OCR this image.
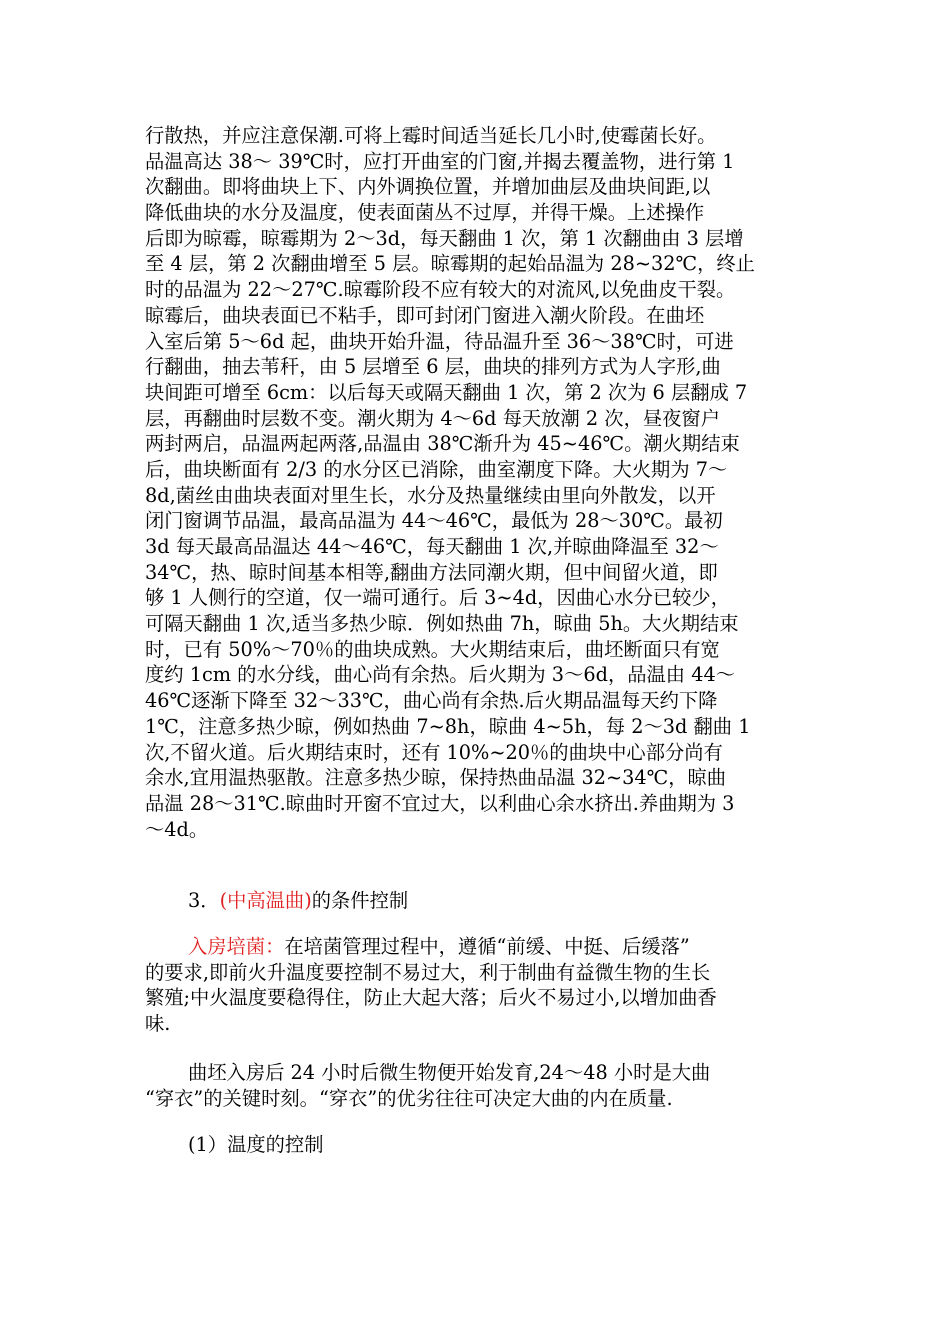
行散热，并应注意保潮.可将上霉时间适当延长几小时,使霉菌长好。
品温高达 38～ 39℃时，应打开曲室的门窗,并揭去覆盖物，进行第 1
次翻曲。即将曲块上下、内外调换位置，并增加曲层及曲块间距,以
降低曲块的水分及温度，使表面菌丛不过厚，并得干燥。上述操作
后即为晾霉，晾霉期为 2～3d，每天翻曲 1 次，第 1 次翻曲由 3 层增
至 4 层，第 2 次翻曲增至 5 层。晾霉期的起始品温为 28~32℃，终止
时的品温为 22～27℃.晾霉阶段不应有较大的对流风,以免曲皮干裂。
晾霉后，曲块表面已不粘手，即可封闭门窗进入潮火阶段。在曲坯
入室后第 5～6d 起，曲块开始升温，待品温升至 36～38℃时，可进
行翻曲，抽去苇秆，由 5 层增至 6 层，曲块的排列方式为人字形,曲
块间距可增至 6cm：以后每天或隔天翻曲 1 次，第 2 次为 6 层翻成 7
层，再翻曲时层数不变。潮火期为 4～6d 每天放潮 2 次，昼夜窗户
两封两启，品温两起两落,品温由 38℃渐升为 45~46℃。潮火期结束
后，曲块断面有 2/3 的水分区已消除，曲室潮度下降。大火期为 7～
8d,菌丝由曲块表面对里生长，水分及热量继续由里向外散发，以开
闭门窗调节品温，最高品温为 44～46℃，最低为 28～30℃。最初
3d 每天最高品温达 44～46℃，每天翻曲 1 次,并晾曲降温至 32～
34℃，热、晾时间基本相等,翻曲方法同潮火期，但中间留火道，即
够 1 人侧行的空道，仅一端可通行。后 3~4d，因曲心水分已较少，
可隔天翻曲 1 次,适当多热少晾．例如热曲 7h，晾曲 5h。大火期结束
时，已有 50%～70％的曲块成熟。大火期结束后，曲坯断面只有宽
度约 1cm 的水分线，曲心尚有余热。后火期为 3～6d，品温由 44～
46℃逐渐下降至 32～33℃，曲心尚有余热.后火期品温每天约下降
1℃，注意多热少晾，例如热曲 7~8h，晾曲 4~5h，每 2～3d 翻曲 1
次,不留火道。后火期结束时，还有 10%~20％的曲块中心部分尚有
余水,宜用温热驱散。注意多热少晾，保持热曲品温 32~34℃，晾曲
品温 28～31℃.晾曲时开窗不宜过大，以利曲心余水挤出.养曲期为 3
～4d。
3．(中高温曲)的条件控制
入房培菌：在培菌管理过程中，遵循“前缓、中挺、后缓落”
的要求,即前火升温度要控制不易过大，利于制曲有益微生物的生长
繁殖;中火温度要稳得住，防止大起大落；后火不易过小,以增加曲香
味.
曲坯入房后 24 小时后微生物便开始发育,24～48 小时是大曲
“穿衣”的关键时刻。“穿衣”的优劣往往可决定大曲的内在质量.
(1）温度的控制
